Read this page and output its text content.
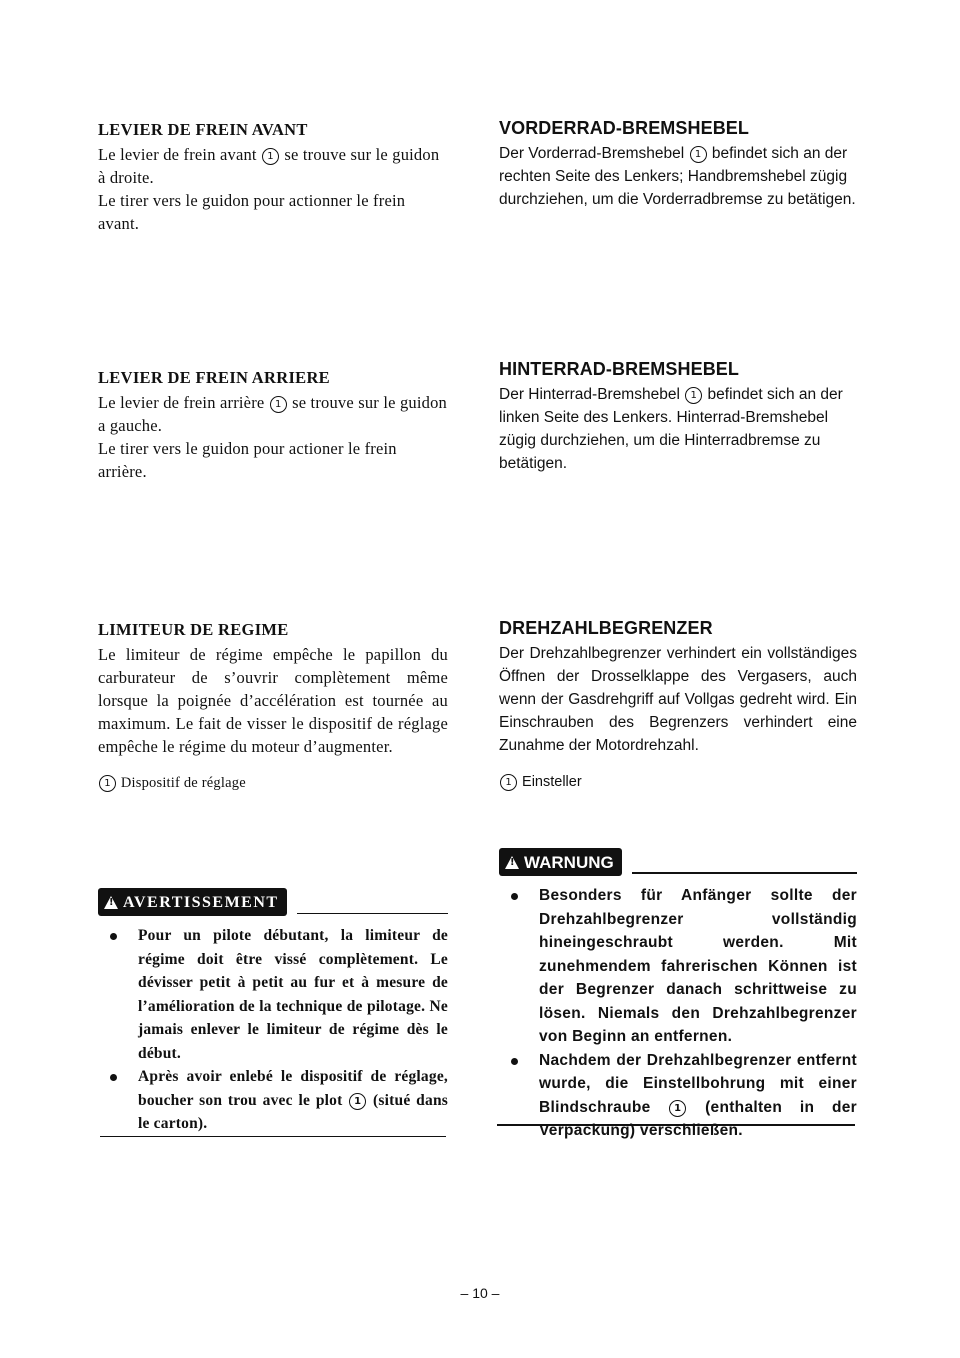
LEVIER DE FREIN AVANT

Le levier de frein avant 1 se trouve sur le guidon à droite.
Le tirer vers le guidon pour actionner le frein avant.

LEVIER DE FREIN ARRIERE

Le levier de frein arrière 1 se trouve sur le guidon a gauche.
Le tirer vers le guidon pour actioner le frein arrière.

LIMITEUR DE REGIME

Le limiteur de régime empêche le papillon du carburateur de s’ouvrir complètement même lorsque la poignée d’accélération est tournée au maximum. Le fait de visser le dispositif de réglage empêche le régime du moteur d’augmenter.

1 Dispositif de réglage

!
AVERTISSEMENT
Pour un pilote débutant, la limiteur de régime doit être vissé complètement. Le dévisser petit à petit au fur et à mesure de l’amélioration de la technique de pilotage. Ne jamais enlever le limiteur de régime dès le début.
Après avoir enlebé le dispositif de réglage, boucher son trou avec le plot 1 (situé dans le carton).
VORDERRAD-BREMSHEBEL

Der Vorderrad-Bremshebel 1 befindet sich an der rechten Seite des Lenkers; Handbremshebel zügig durchziehen, um die Vorderradbremse zu betätigen.

HINTERRAD-BREMSHEBEL

Der Hinterrad-Bremshebel 1 befindet sich an der linken Seite des Lenkers. Hinterrad-Bremshebel zügig durchziehen, um die Hinterradbremse zu betätigen.

DREHZAHLBEGRENZER

Der Drehzahlbegrenzer verhindert ein vollständiges Öffnen der Drosselklappe des Vergasers, auch wenn der Gasdrehgriff auf Vollgas gedreht wird. Ein Einschrauben des Begrenzers verhindert eine Zunahme der Motordrehzahl.

1 Einsteller

!
WARNUNG
Besonders für Anfänger sollte der Drehzahlbegrenzer vollständig hineingeschraubt werden. Mit zunehmendem fahrerischen Können ist der Begrenzer danach schrittweise zu lösen. Niemals den Drehzahlbegrenzer von Beginn an entfernen.
Nachdem der Drehzahlbegrenzer entfernt wurde, die Einstellbohrung mit einer Blindschraube 1 (enthalten in der Verpackung) verschließen.
– 10 –
